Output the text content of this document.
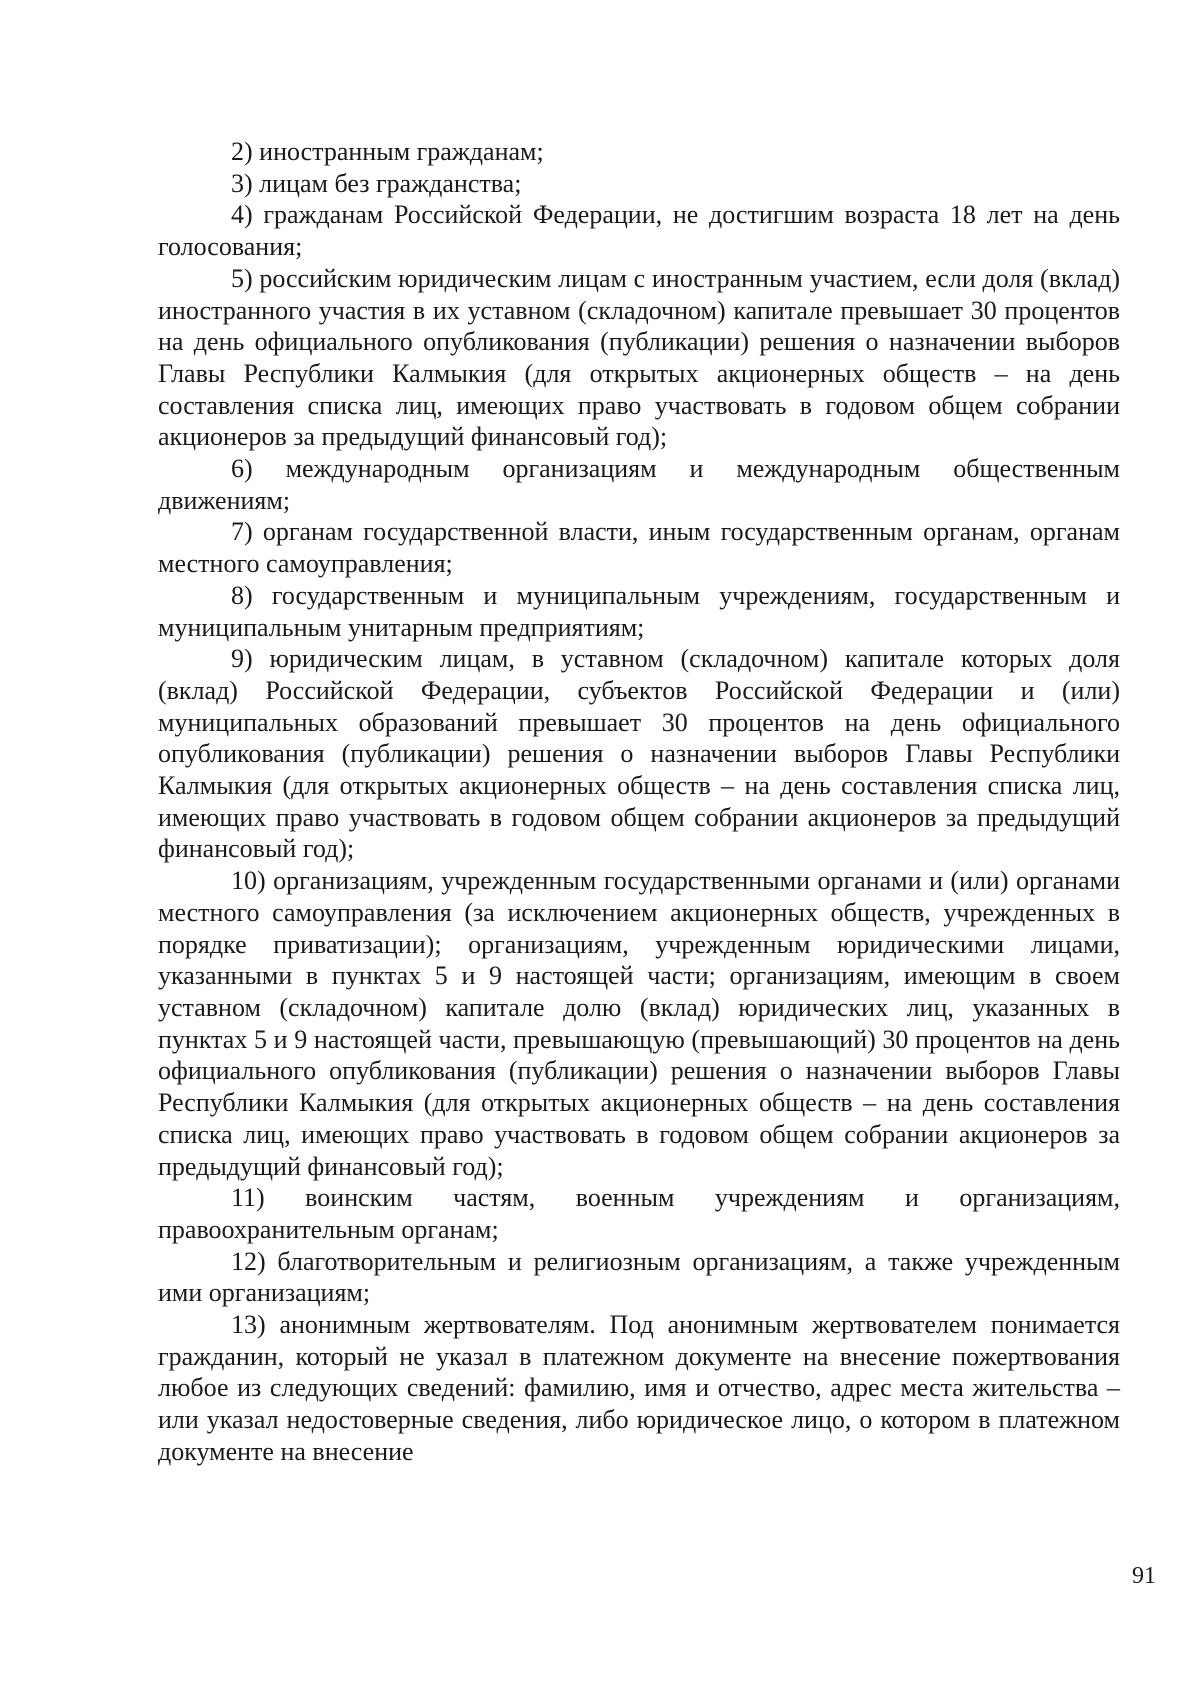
2) иностранным гражданам;

3) лицам без гражданства;

4) гражданам Российской Федерации, не достигшим возраста 18 лет на день голосования;

5) российским юридическим лицам с иностранным участием, если доля (вклад) иностранного участия в их уставном (складочном) капитале превышает 30 процентов на день официального опубликования (публикации) решения о назначении выборов Главы Республики Калмыкия (для открытых акционерных обществ – на день составления списка лиц, имеющих право участвовать в годовом общем собрании акционеров за предыдущий финансовый год);

6) международным организациям и международным общественным движениям;

7) органам государственной власти, иным государственным органам, органам местного самоуправления;

8) государственным и муниципальным учреждениям, государственным и муниципальным унитарным предприятиям;

9) юридическим лицам, в уставном (складочном) капитале которых доля (вклад) Российской Федерации, субъектов Российской Федерации и (или) муниципальных образований превышает 30 процентов на день официального опубликования (публикации) решения о назначении выборов Главы Республики Калмыкия (для открытых акционерных обществ – на день составления списка лиц, имеющих право участвовать в годовом общем собрании акционеров за предыдущий финансовый год);

10) организациям, учрежденным государственными органами и (или) органами местного самоуправления (за исключением акционерных обществ, учрежденных в порядке приватизации); организациям, учрежденным юридическими лицами, указанными в пунктах 5 и 9 настоящей части; организациям, имеющим в своем уставном (складочном) капитале долю (вклад) юридических лиц, указанных в пунктах 5 и 9 настоящей части, превышающую (превышающий) 30 процентов на день официального опубликования (публикации) решения о назначении выборов Главы Республики Калмыкия (для открытых акционерных обществ – на день составления списка лиц, имеющих право участвовать в годовом общем собрании акционеров за предыдущий финансовый год);

11) воинским частям, военным учреждениям и организациям, правоохранительным органам;

12) благотворительным и религиозным организациям, а также учрежденным ими организациям;

13) анонимным жертвователям. Под анонимным жертвователем понимается гражданин, который не указал в платежном документе на внесение пожертвования любое из следующих сведений: фамилию, имя и отчество, адрес места жительства – или указал недостоверные сведения, либо юридическое лицо, о котором в платежном документе на внесение

91
